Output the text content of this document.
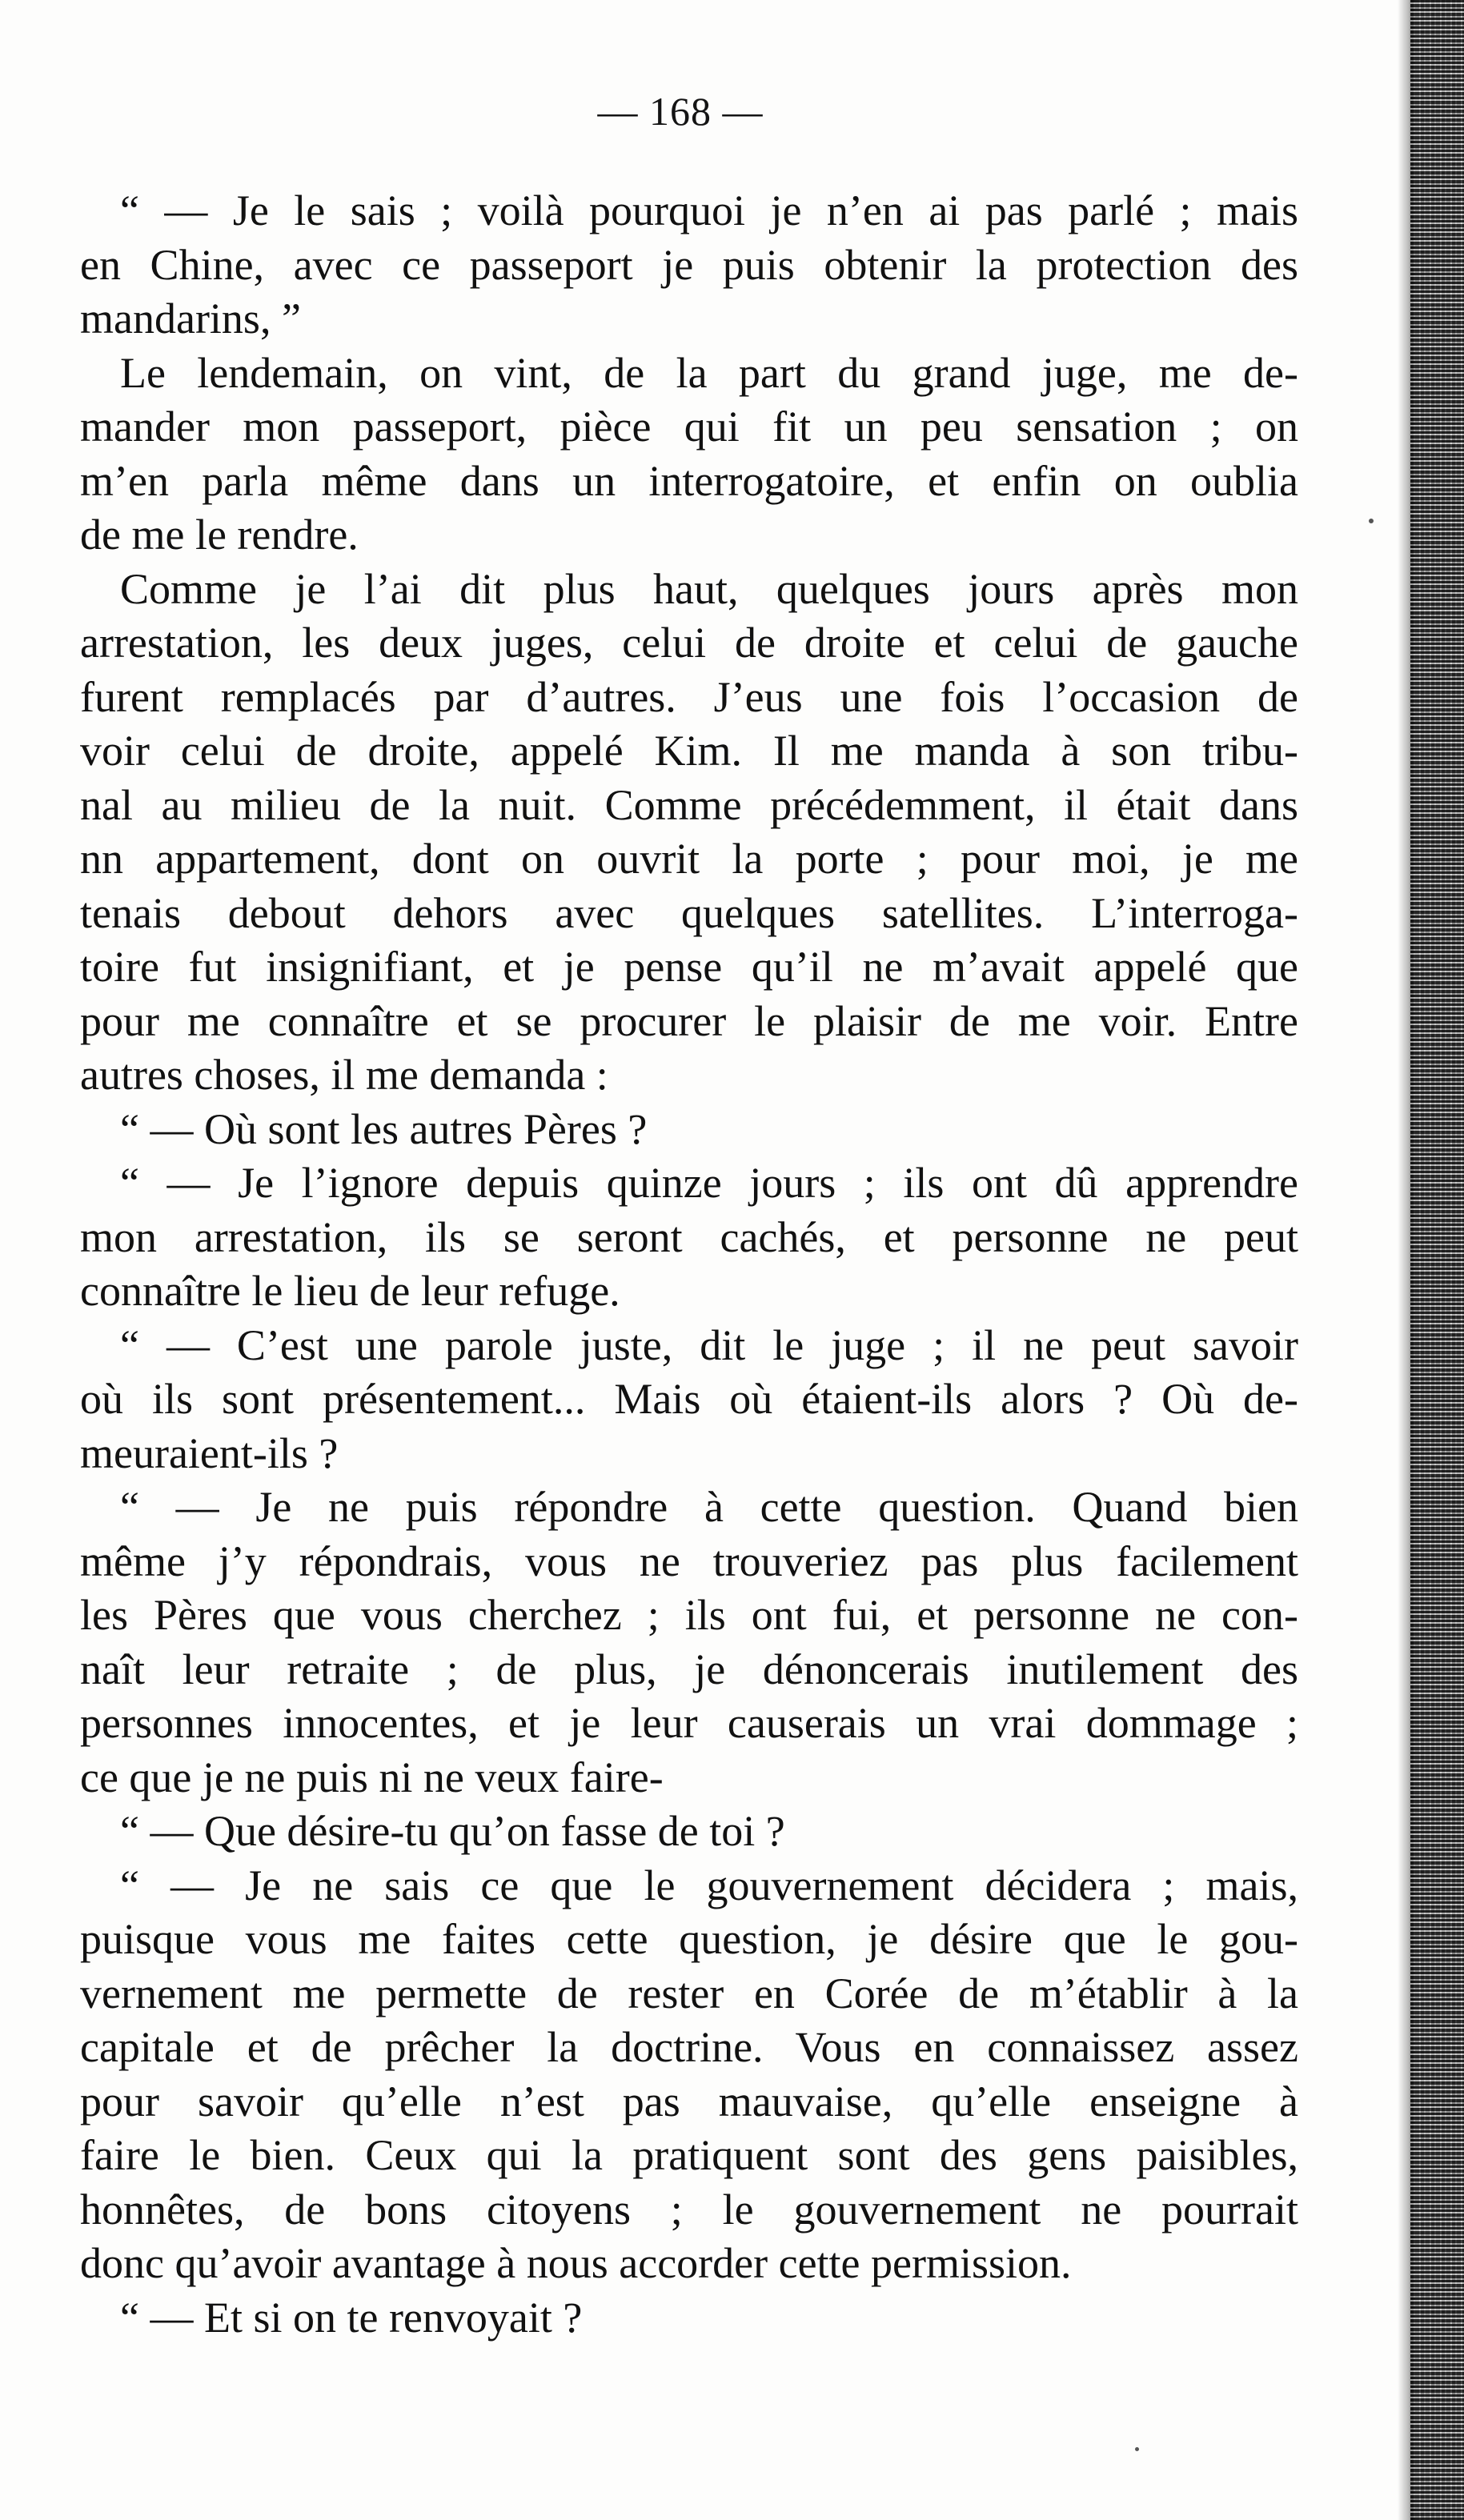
— 168 —
“ — Je le sais ; voilà pourquoi je n’en ai pas parlé ; mais
en Chine, avec ce passeport je puis obtenir la protection des
mandarins, ”
Le lendemain, on vint, de la part du grand juge, me de-
mander mon passeport, pièce qui fit un peu sensation ; on
m’en parla même dans un interrogatoire, et enfin on oublia
de me le rendre.
Comme je l’ai dit plus haut, quelques jours après mon
arrestation, les deux juges, celui de droite et celui de gauche
furent remplacés par d’autres. J’eus une fois l’occasion de
voir celui de droite, appelé Kim. Il me manda à son tribu-
nal au milieu de la nuit. Comme précédemment, il était dans
nn appartement, dont on ouvrit la porte ; pour moi, je me
tenais debout dehors avec quelques satellites. L’interroga-
toire fut insignifiant, et je pense qu’il ne m’avait appelé que
pour me connaître et se procurer le plaisir de me voir. Entre
autres choses, il me demanda :
“ — Où sont les autres Pères ?
“ — Je l’ignore depuis quinze jours ; ils ont dû apprendre
mon arrestation, ils se seront cachés, et personne ne peut
connaître le lieu de leur refuge.
“ — C’est une parole juste, dit le juge ; il ne peut savoir
où ils sont présentement... Mais où étaient-ils alors ? Où de-
meuraient-ils ?
“ — Je ne puis répondre à cette question. Quand bien
même j’y répondrais, vous ne trouveriez pas plus facilement
les Pères que vous cherchez ; ils ont fui, et personne ne con-
naît leur retraite ; de plus, je dénoncerais inutilement des
personnes innocentes, et je leur causerais un vrai dommage ;
ce que je ne puis ni ne veux faire-
“ — Que désire-tu qu’on fasse de toi ?
“ — Je ne sais ce que le gouvernement décidera ; mais,
puisque vous me faites cette question, je désire que le gou-
vernement me permette de rester en Corée de m’établir à la
capitale et de prêcher la doctrine. Vous en connaissez assez
pour savoir qu’elle n’est pas mauvaise, qu’elle enseigne à
faire le bien. Ceux qui la pratiquent sont des gens paisibles,
honnêtes, de bons citoyens ; le gouvernement ne pourrait
donc qu’avoir avantage à nous accorder cette permission.
“ — Et si on te renvoyait ?
